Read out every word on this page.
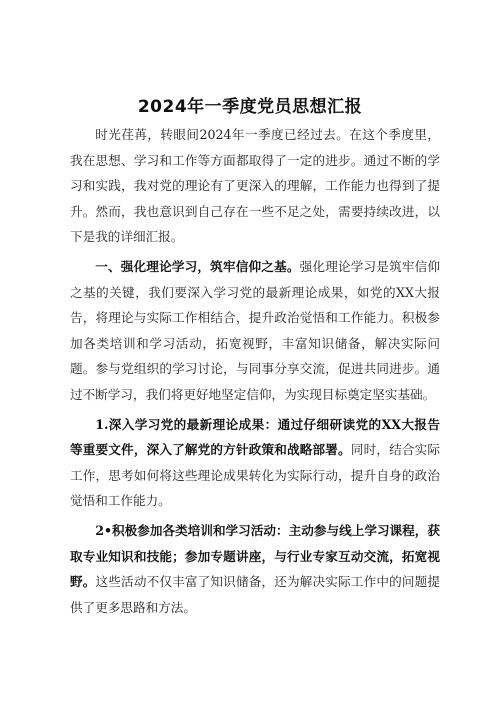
2024年一季度党员思想汇报

时光荏苒，转眼间2024年一季度已经过去。在这个季度里，我在思想、学习和工作等方面都取得了一定的进步。通过不断的学习和实践，我对党的理论有了更深入的理解，工作能力也得到了提升。然而，我也意识到自己存在一些不足之处，需要持续改进，以下是我的详细汇报。

一、强化理论学习，筑牢信仰之基。强化理论学习是筑牢信仰之基的关键，我们要深入学习党的最新理论成果，如党的XX大报告，将理论与实际工作相结合，提升政治觉悟和工作能力。积极参加各类培训和学习活动，拓宽视野，丰富知识储备，解决实际问题。参与党组织的学习讨论，与同事分享交流，促进共同进步。通过不断学习，我们将更好地坚定信仰，为实现目标奠定坚实基础。

1.深入学习党的最新理论成果：通过仔细研读党的XX大报告等重要文件，深入了解党的方针政策和战略部署。同时，结合实际工作，思考如何将这些理论成果转化为实际行动，提升自身的政治觉悟和工作能力。

2•积极参加各类培训和学习活动：主动参与线上学习课程，获取专业知识和技能；参加专题讲座，与行业专家互动交流，拓宽视野。这些活动不仅丰富了知识储备，还为解决实际工作中的问题提供了更多思路和方法。
